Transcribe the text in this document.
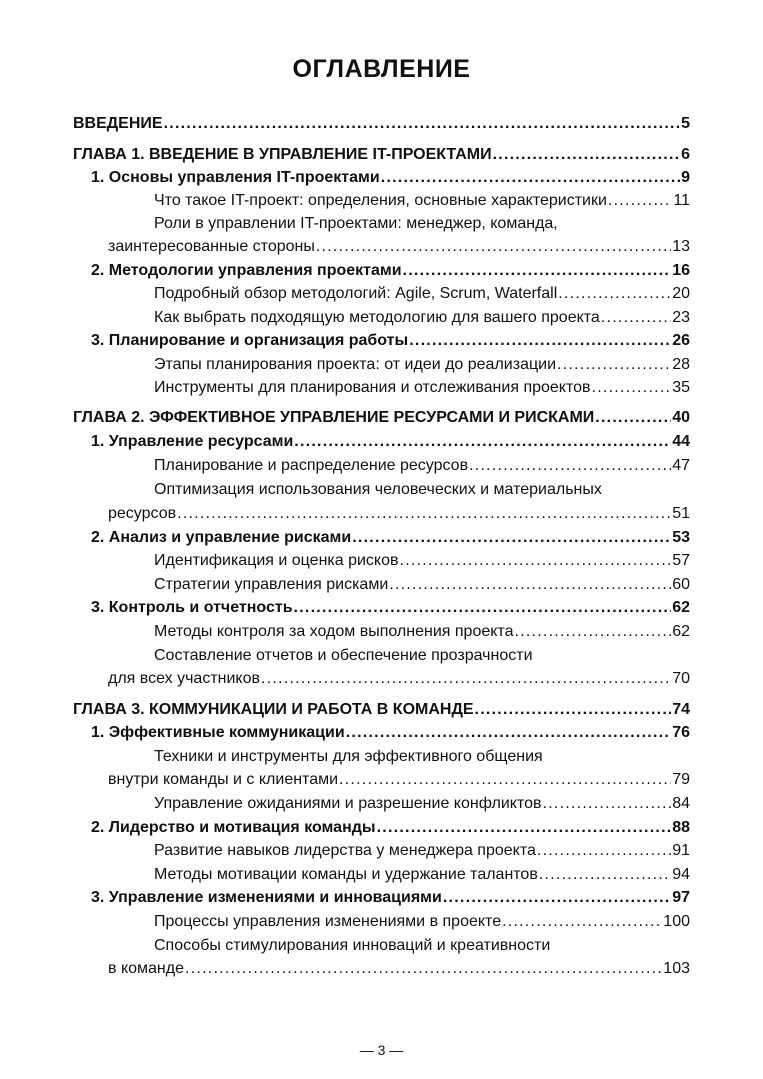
ОГЛАВЛЕНИЕ
ВВЕДЕНИЕ . . .	5
ГЛАВА 1. ВВЕДЕНИЕ В УПРАВЛЕНИЕ IT-ПРОЕКТАМИ . . .	6
1. Основы управления IT-проектами . . .	9
Что такое IT-проект: определения, основные характеристики . . .	11
Роли в управлении IT-проектами: менеджер, команда,
заинтересованные стороны . . .	13
2. Методологии управления проектами . . .	16
Подробный обзор методологий: Agile, Scrum, Waterfall . . .	20
Как выбрать подходящую методологию для вашего проекта . . .	23
3. Планирование и организация работы . . .	26
Этапы планирования проекта: от идеи до реализации . . .	28
Инструменты для планирования и отслеживания проектов . . .	35
ГЛАВА 2. ЭФФЕКТИВНОЕ УПРАВЛЕНИЕ РЕСУРСАМИ И РИСКАМИ . . .	40
1. Управление ресурсами . . .	44
Планирование и распределение ресурсов . . .	47
Оптимизация использования человеческих и материальных
ресурсов . . .	51
2. Анализ и управление рисками . . .	53
Идентификация и оценка рисков . . .	57
Стратегии управления рисками . . .	60
3. Контроль и отчетность . . .	62
Методы контроля за ходом выполнения проекта . . .	62
Составление отчетов и обеспечение прозрачности
для всех участников . . .	70
ГЛАВА 3. КОММУНИКАЦИИ И РАБОТА В КОМАНДЕ . . .	74
1. Эффективные коммуникации . . .	76
Техники и инструменты для эффективного общения
внутри команды и с клиентами . . .	79
Управление ожиданиями и разрешение конфликтов . . .	84
2. Лидерство и мотивация команды . . .	88
Развитие навыков лидерства у менеджера проекта . . .	91
Методы мотивации команды и удержание талантов . . .	94
3. Управление изменениями и инновациями . . .	97
Процессы управления изменениями в проекте . . .	100
Способы стимулирования инноваций и креативности
в команде . . .	103
— 3 —
